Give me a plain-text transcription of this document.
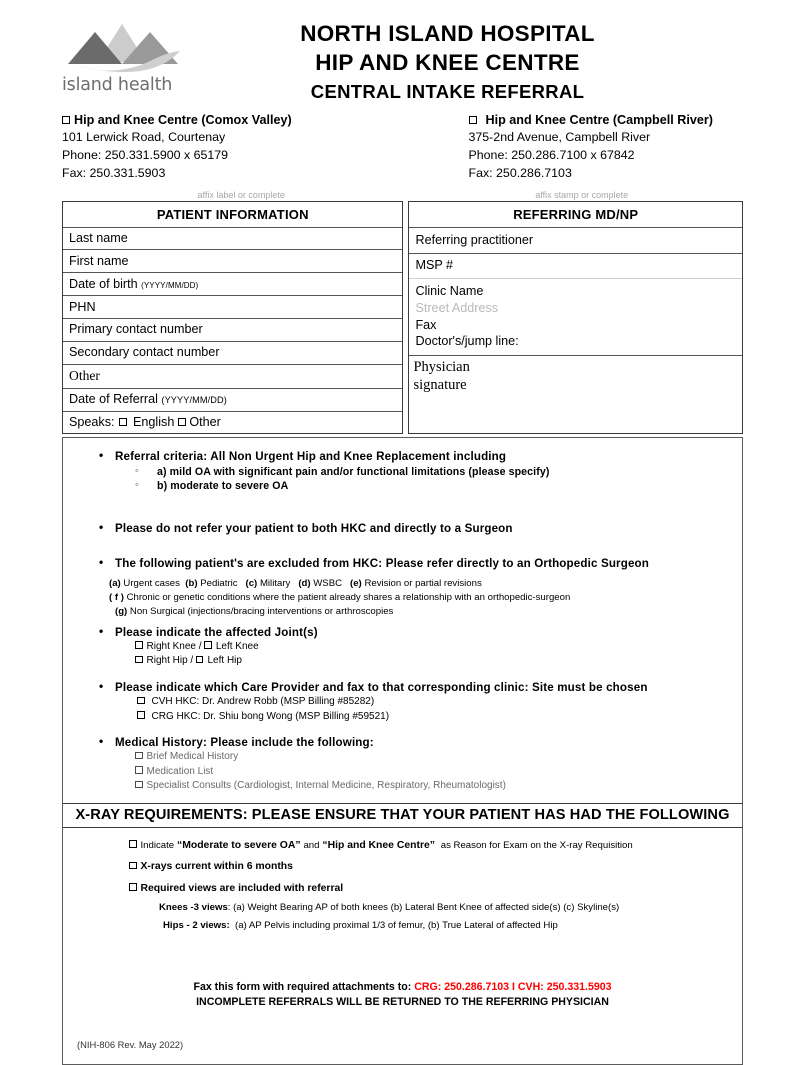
island health
NORTH ISLAND HOSPITAL
HIP AND KNEE CENTRE
CENTRAL INTAKE REFERRAL
Hip and Knee Centre (Comox Valley)
101 Lerwick Road, Courtenay
Phone: 250.331.5900 x 65179
Fax: 250.331.5903
Hip and Knee Centre (Campbell River)
375-2nd Avenue, Campbell River
Phone: 250.286.7100 x 67842
Fax: 250.286.7103
affix label or complete	affix stamp or complete
PATIENT INFORMATION
Last name
First name
Date of birth (YYYY/MM/DD)
PHN
Primary contact number
Secondary contact number
Other
Date of Referral (YYYY/MM/DD)
Speaks: English Other
REFERRING MD/NP
Referring practitioner
MSP #
Clinic Name
Street Address
Fax
Doctor's/jump line:
Physician
signature
• Referral criteria: All Non Urgent Hip and Knee Replacement including
◦ a) mild OA with significant pain and/or functional limitations (please specify)
◦ b) moderate to severe OA
• Please do not refer your patient to both HKC and directly to a Surgeon
• The following patient's are excluded from HKC: Please refer directly to an Orthopedic Surgeon
(a) Urgent cases (b) Pediatric (c) Military (d) WSBC (e) Revision or partial revisions
( f ) Chronic or genetic conditions where the patient already shares a relationship with an orthopedic-surgeon
(g) Non Surgical (injections/bracing interventions or arthroscopies
• Please indicate the affected Joint(s)
Right Knee / Left Knee
Right Hip / Left Hip
• Please indicate which Care Provider and fax to that corresponding clinic: Site must be chosen
CVH HKC: Dr. Andrew Robb (MSP Billing #85282)
CRG HKC: Dr. Shiu bong Wong (MSP Billing #59521)
• Medical History: Please include the following:
Brief Medical History
Medication List
Specialist Consults (Cardiologist, Internal Medicine, Respiratory, Rheumatologist)
X-RAY REQUIREMENTS: PLEASE ENSURE THAT YOUR PATIENT HAS HAD THE FOLLOWING
Indicate “Moderate to severe OA” and “Hip and Knee Centre” as Reason for Exam on the X-ray Requisition
X-rays current within 6 months
Required views are included with referral
Knees -3 views: (a) Weight Bearing AP of both knees (b) Lateral Bent Knee of affected side(s) (c) Skyline(s)
Hips - 2 views: (a) AP Pelvis including proximal 1/3 of femur, (b) True Lateral of affected Hip
Fax this form with required attachments to: CRG: 250.286.7103 I CVH: 250.331.5903
INCOMPLETE REFERRALS WILL BE RETURNED TO THE REFERRING PHYSICIAN
(NIH-806 Rev. May 2022)
